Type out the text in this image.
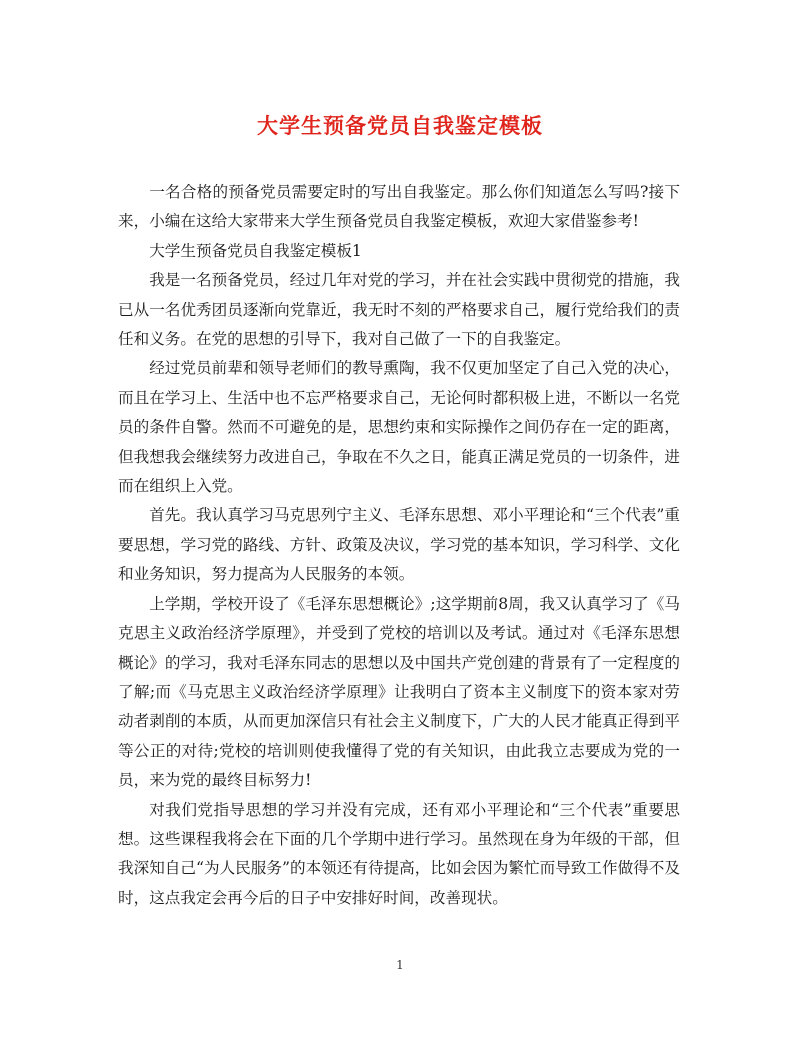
大学生预备党员自我鉴定模板

一名合格的预备党员需要定时的写出自我鉴定。那么你们知道怎么写吗?接下来，小编在这给大家带来大学生预备党员自我鉴定模板，欢迎大家借鉴参考!

大学生预备党员自我鉴定模板1

我是一名预备党员，经过几年对党的学习，并在社会实践中贯彻党的措施，我已从一名优秀团员逐渐向党靠近，我无时不刻的严格要求自己，履行党给我们的责任和义务。在党的思想的引导下，我对自己做了一下的自我鉴定。

经过党员前辈和领导老师们的教导熏陶，我不仅更加坚定了自己入党的决心，而且在学习上、生活中也不忘严格要求自己，无论何时都积极上进，不断以一名党员的条件自警。然而不可避免的是，思想约束和实际操作之间仍存在一定的距离，但我想我会继续努力改进自己，争取在不久之日，能真正满足党员的一切条件，进而在组织上入党。

首先。我认真学习马克思列宁主义、毛泽东思想、邓小平理论和“三个代表”重要思想，学习党的路线、方针、政策及决议，学习党的基本知识，学习科学、文化和业务知识，努力提高为人民服务的本领。

上学期，学校开设了《毛泽东思想概论》;这学期前8周，我又认真学习了《马克思主义政治经济学原理》，并受到了党校的培训以及考试。通过对《毛泽东思想概论》的学习，我对毛泽东同志的思想以及中国共产党创建的背景有了一定程度的了解;而《马克思主义政治经济学原理》让我明白了资本主义制度下的资本家对劳动者剥削的本质，从而更加深信只有社会主义制度下，广大的人民才能真正得到平等公正的对待;党校的培训则使我懂得了党的有关知识，由此我立志要成为党的一员，来为党的最终目标努力!

对我们党指导思想的学习并没有完成，还有邓小平理论和“三个代表”重要思想。这些课程我将会在下面的几个学期中进行学习。虽然现在身为年级的干部，但我深知自己“为人民服务”的本领还有待提高，比如会因为繁忙而导致工作做得不及时，这点我定会再今后的日子中安排好时间，改善现状。

1
